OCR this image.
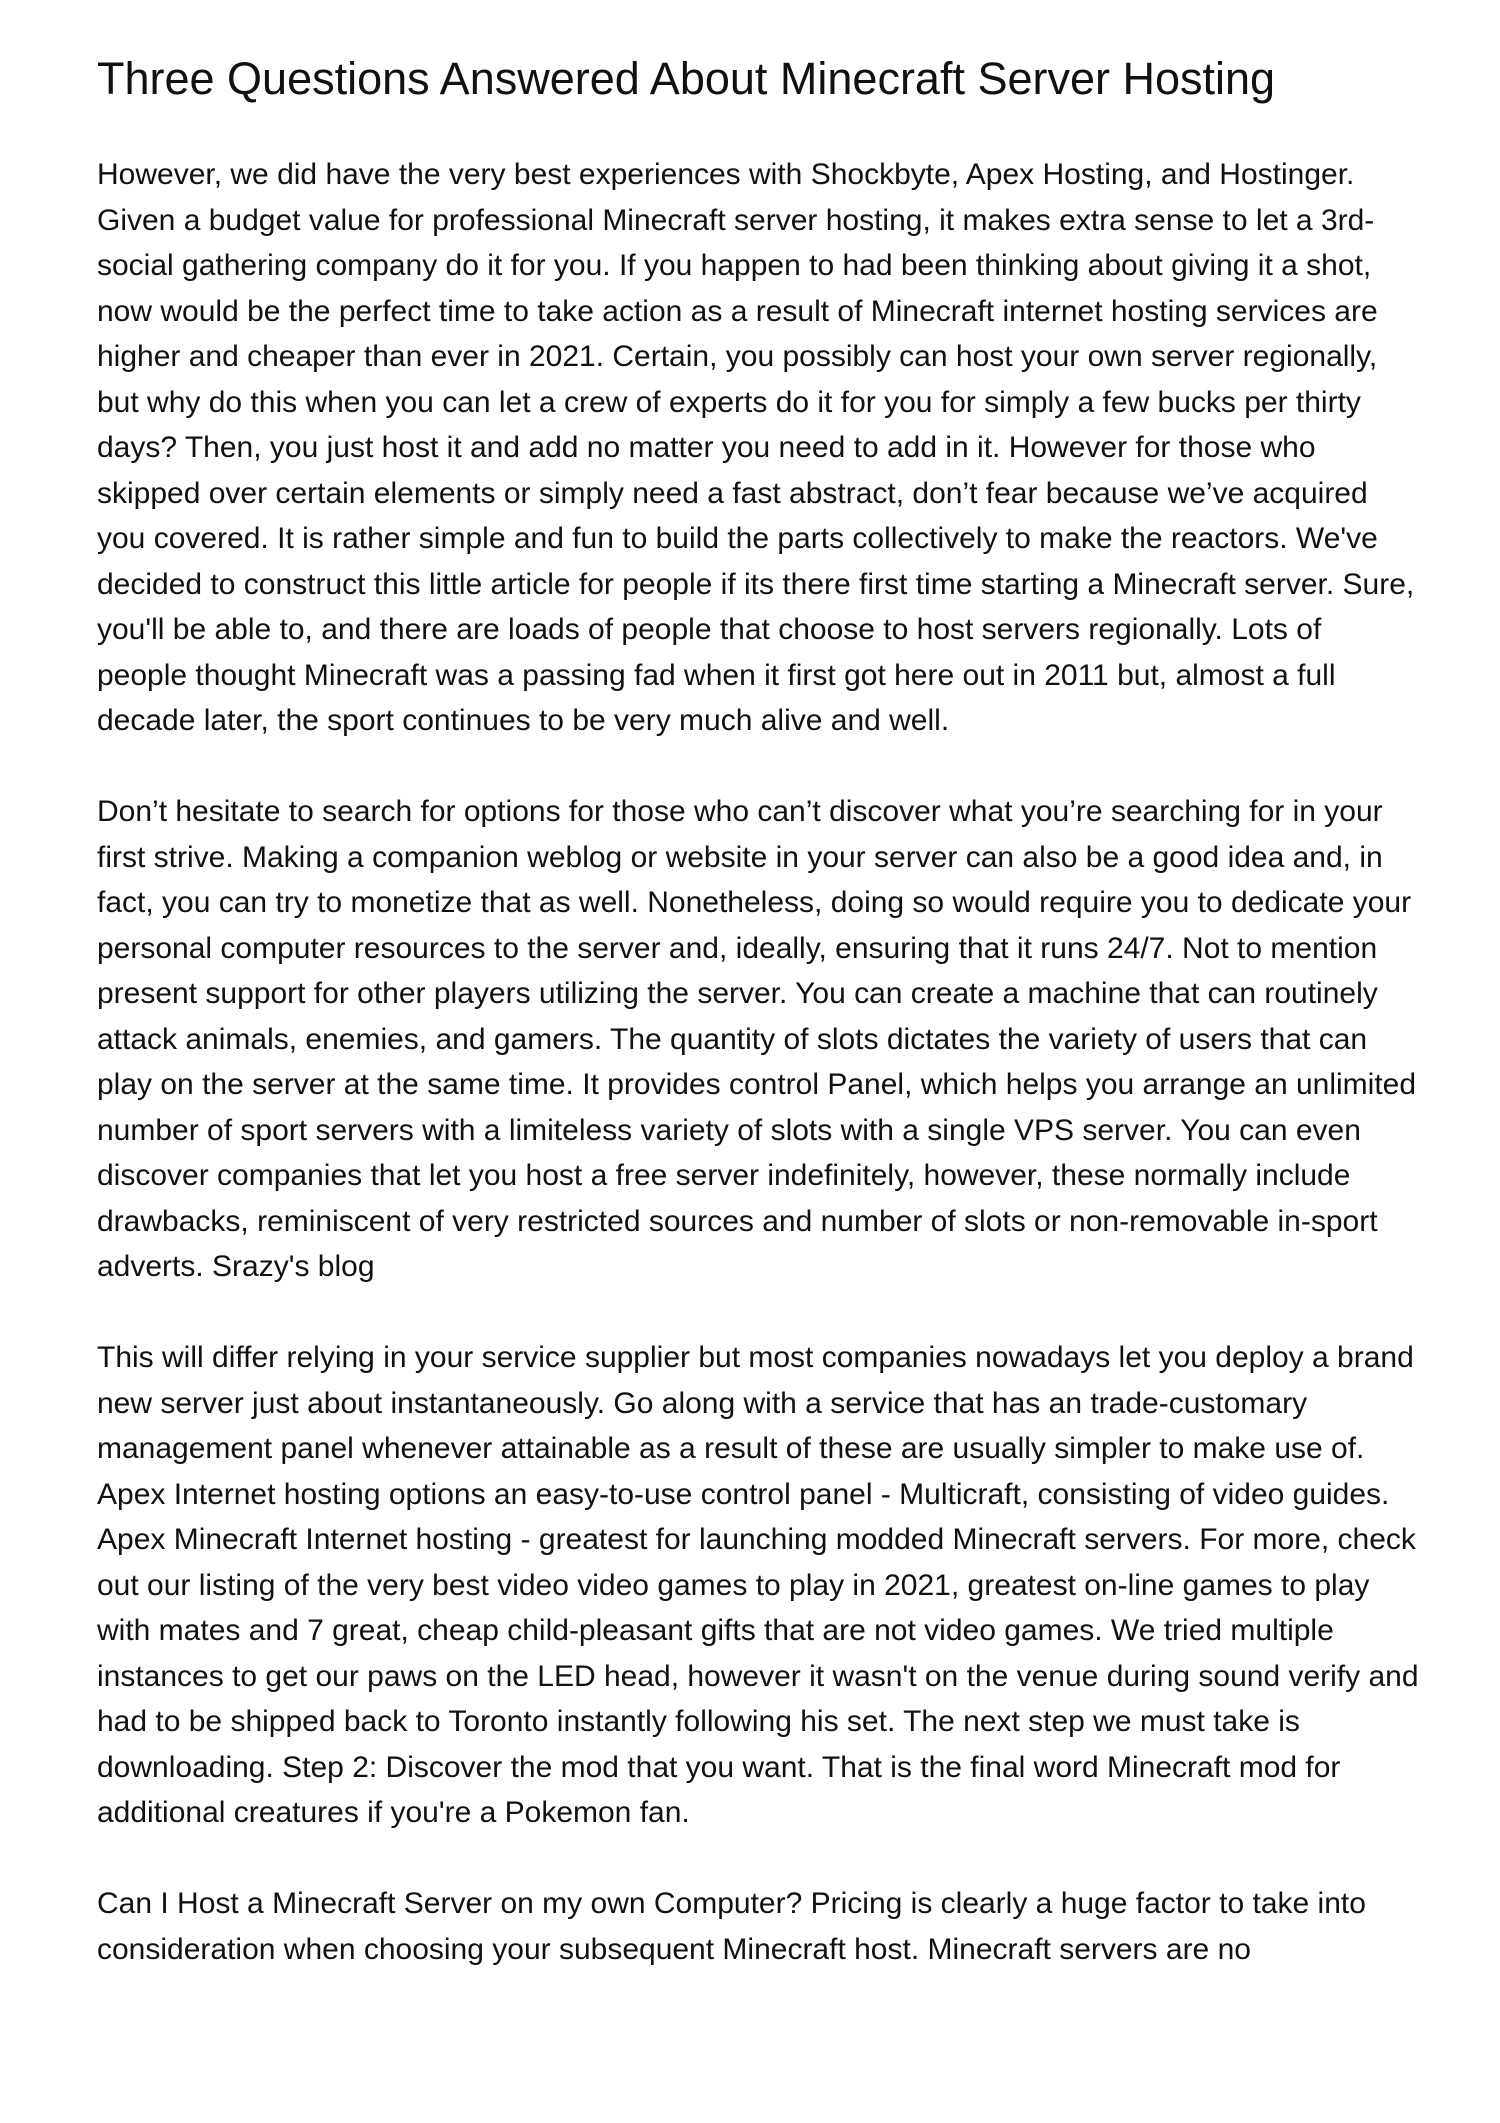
Three Questions Answered About Minecraft Server Hosting

However, we did have the very best experiences with Shockbyte, Apex Hosting, and Hostinger. Given a budget value for professional Minecraft server hosting, it makes extra sense to let a 3rd-social gathering company do it for you. If you happen to had been thinking about giving it a shot, now would be the perfect time to take action as a result of Minecraft internet hosting services are higher and cheaper than ever in 2021. Certain, you possibly can host your own server regionally, but why do this when you can let a crew of experts do it for you for simply a few bucks per thirty days? Then, you just host it and add no matter you need to add in it. However for those who skipped over certain elements or simply need a fast abstract, don’t fear because we’ve acquired you covered. It is rather simple and fun to build the parts collectively to make the reactors. We've decided to construct this little article for people if its there first time starting a Minecraft server. Sure, you'll be able to, and there are loads of people that choose to host servers regionally. Lots of people thought Minecraft was a passing fad when it first got here out in 2011 but, almost a full decade later, the sport continues to be very much alive and well.

Don’t hesitate to search for options for those who can’t discover what you’re searching for in your first strive. Making a companion weblog or website in your server can also be a good idea and, in fact, you can try to monetize that as well. Nonetheless, doing so would require you to dedicate your personal computer resources to the server and, ideally, ensuring that it runs 24/7. Not to mention present support for other players utilizing the server. You can create a machine that can routinely attack animals, enemies, and gamers. The quantity of slots dictates the variety of users that can play on the server at the same time. It provides control Panel, which helps you arrange an unlimited number of sport servers with a limiteless variety of slots with a single VPS server. You can even discover companies that let you host a free server indefinitely, however, these normally include drawbacks, reminiscent of very restricted sources and number of slots or non-removable in-sport adverts. Srazy's blog

This will differ relying in your service supplier but most companies nowadays let you deploy a brand new server just about instantaneously. Go along with a service that has an trade-customary management panel whenever attainable as a result of these are usually simpler to make use of. Apex Internet hosting options an easy-to-use control panel - Multicraft, consisting of video guides. Apex Minecraft Internet hosting - greatest for launching modded Minecraft servers. For more, check out our listing of the very best video video games to play in 2021, greatest on-line games to play with mates and 7 great, cheap child-pleasant gifts that are not video games. We tried multiple instances to get our paws on the LED head, however it wasn't on the venue during sound verify and had to be shipped back to Toronto instantly following his set. The next step we must take is downloading. Step 2: Discover the mod that you want. That is the final word Minecraft mod for additional creatures if you're a Pokemon fan.

Can I Host a Minecraft Server on my own Computer? Pricing is clearly a huge factor to take into consideration when choosing your subsequent Minecraft host. Minecraft servers are no
